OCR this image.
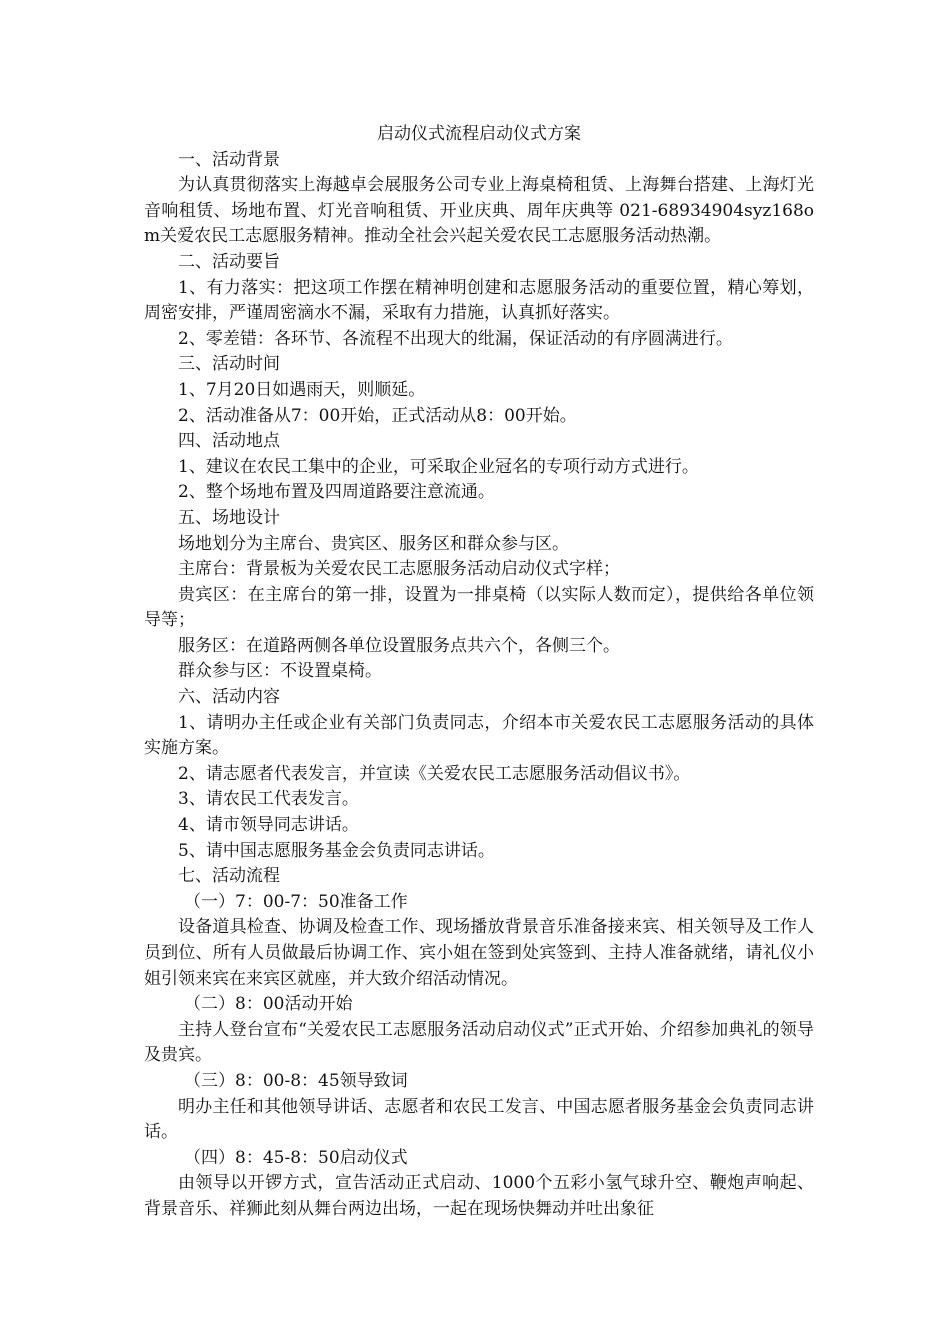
启动仪式流程启动仪式方案

一、活动背景

为认真贯彻落实上海越卓会展服务公司专业上海桌椅租赁、上海舞台搭建、上海灯光音响租赁、场地布置、灯光音响租赁、开业庆典、周年庆典等 021-68934904syz168om关爱农民工志愿服务精神。推动全社会兴起关爱农民工志愿服务活动热潮。

二、活动要旨

1、有力落实：把这项工作摆在精神明创建和志愿服务活动的重要位置，精心筹划，周密安排，严谨周密滴水不漏，采取有力措施，认真抓好落实。

2、零差错：各环节、各流程不出现大的纰漏，保证活动的有序圆满进行。

三、活动时间

1、7月20日如遇雨天，则顺延。

2、活动准备从7：00开始，正式活动从8：00开始。

四、活动地点

1、建议在农民工集中的企业，可采取企业冠名的专项行动方式进行。

2、整个场地布置及四周道路要注意流通。

五、场地设计

场地划分为主席台、贵宾区、服务区和群众参与区。

主席台：背景板为关爱农民工志愿服务活动启动仪式字样；

贵宾区：在主席台的第一排，设置为一排桌椅（以实际人数而定），提供给各单位领导等；

服务区：在道路两侧各单位设置服务点共六个，各侧三个。

群众参与区：不设置桌椅。

六、活动内容

1、请明办主任或企业有关部门负责同志，介绍本市关爱农民工志愿服务活动的具体实施方案。

2、请志愿者代表发言，并宣读《关爱农民工志愿服务活动倡议书》。

3、请农民工代表发言。

4、请市领导同志讲话。

5、请中国志愿服务基金会负责同志讲话。

七、活动流程

（一）7：00-7：50准备工作

设备道具检查、协调及检查工作、现场播放背景音乐准备接来宾、相关领导及工作人员到位、所有人员做最后协调工作、宾小姐在签到处宾签到、主持人准备就绪，请礼仪小姐引领来宾在来宾区就座，并大致介绍活动情况。

（二）8：00活动开始

主持人登台宣布“关爱农民工志愿服务活动启动仪式”正式开始、介绍参加典礼的领导及贵宾。

（三）8：00-8：45领导致词

明办主任和其他领导讲话、志愿者和农民工发言、中国志愿者服务基金会负责同志讲话。

（四）8：45-8：50启动仪式

由领导以开锣方式，宣告活动正式启动、1000个五彩小氢气球升空、鞭炮声响起、背景音乐、祥狮此刻从舞台两边出场，一起在现场快舞动并吐出象征
